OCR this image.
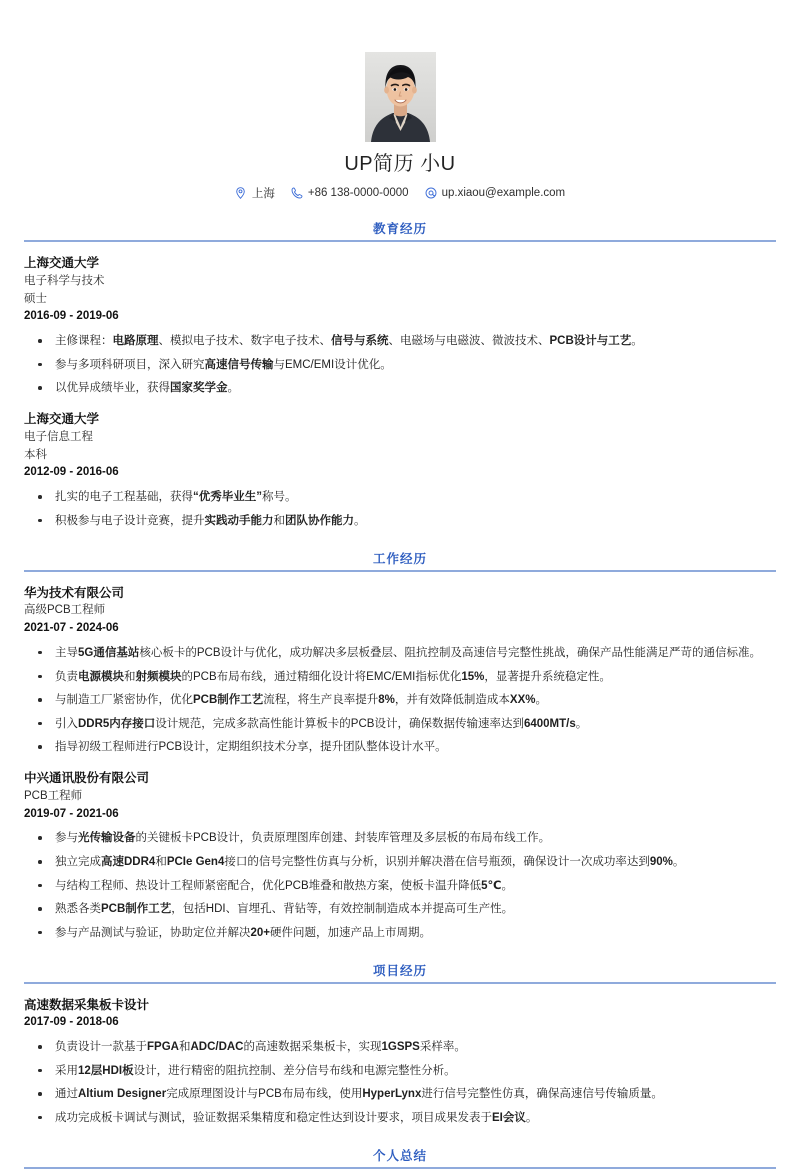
UP简历 小U
上海	+86 138-0000-0000	up.xiaou@example.com
教育经历
上海交通大学
电子科学与技术
硕士
2016-09 - 2019-06
主修课程：电路原理、模拟电子技术、数字电子技术、信号与系统、电磁场与电磁波、微波技术、PCB设计与工艺。
参与多项科研项目，深入研究高速信号传输与EMC/EMI设计优化。
以优异成绩毕业，获得国家奖学金。
上海交通大学
电子信息工程
本科
2012-09 - 2016-06
扎实的电子工程基础，获得“优秀毕业生”称号。
积极参与电子设计竞赛，提升实践动手能力和团队协作能力。
工作经历
华为技术有限公司
高级PCB工程师
2021-07 - 2024-06
主导5G通信基站核心板卡的PCB设计与优化，成功解决多层板叠层、阻抗控制及高速信号完整性挑战，确保产品性能满足严苛的通信标准。
负责电源模块和射频模块的PCB布局布线，通过精细化设计将EMC/EMI指标优化15%，显著提升系统稳定性。
与制造工厂紧密协作，优化PCB制作工艺流程，将生产良率提升8%，并有效降低制造成本XX%。
引入DDR5内存接口设计规范，完成多款高性能计算板卡的PCB设计，确保数据传输速率达到6400MT/s。
指导初级工程师进行PCB设计，定期组织技术分享，提升团队整体设计水平。
中兴通讯股份有限公司
PCB工程师
2019-07 - 2021-06
参与光传输设备的关键板卡PCB设计，负责原理图库创建、封装库管理及多层板的布局布线工作。
独立完成高速DDR4和PCIe Gen4接口的信号完整性仿真与分析，识别并解决潜在信号瓶颈，确保设计一次成功率达到90%。
与结构工程师、热设计工程师紧密配合，优化PCB堆叠和散热方案，使板卡温升降低5℃。
熟悉各类PCB制作工艺，包括HDI、盲埋孔、背钻等，有效控制制造成本并提高可生产性。
参与产品测试与验证，协助定位并解决20+硬件问题，加速产品上市周期。
项目经历
高速数据采集板卡设计
2017-09 - 2018-06
负责设计一款基于FPGA和ADC/DAC的高速数据采集板卡，实现1GSPS采样率。
采用12层HDI板设计，进行精密的阻抗控制、差分信号布线和电源完整性分析。
通过Altium Designer完成原理图设计与PCB布局布线，使用HyperLynx进行信号完整性仿真，确保高速信号传输质量。
成功完成板卡调试与测试，验证数据采集精度和稳定性达到设计要求，项目成果发表于EI会议。
个人总结
